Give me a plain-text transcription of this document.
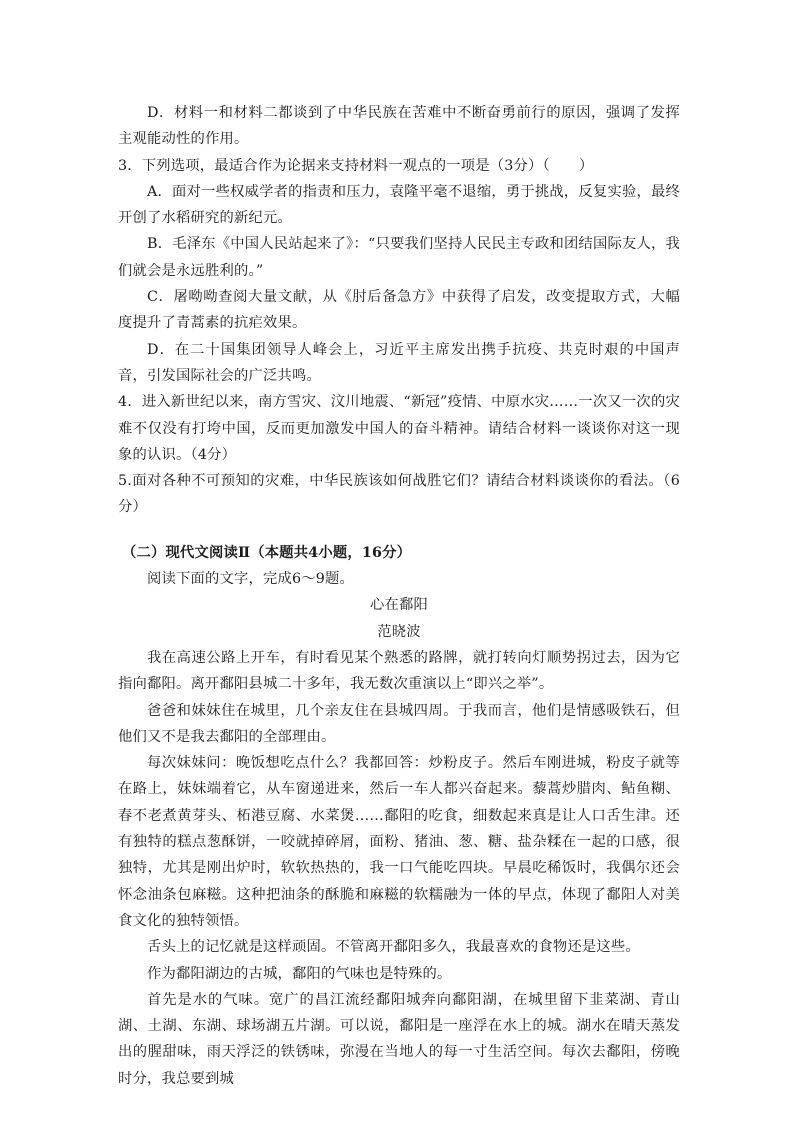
D．材料一和材料二都谈到了中华民族在苦难中不断奋勇前行的原因，强调了发挥主观能动性的作用。

3．下列选项，最适合作为论据来支持材料一观点的一项是（3分）（　　）

A．面对一些权威学者的指责和压力，袁隆平毫不退缩，勇于挑战，反复实验，最终开创了水稻研究的新纪元。

B．毛泽东《中国人民站起来了》：“只要我们坚持人民民主专政和团结国际友人，我们就会是永远胜利的。”

C．屠呦呦查阅大量文献，从《肘后备急方》中获得了启发，改变提取方式，大幅度提升了青蒿素的抗疟效果。

D．在二十国集团领导人峰会上，习近平主席发出携手抗疫、共克时艰的中国声音，引发国际社会的广泛共鸣。

4．进入新世纪以来，南方雪灾、汶川地震、“新冠”疫情、中原水灾……一次又一次的灾难不仅没有打垮中国，反而更加激发中国人的奋斗精神。请结合材料一谈谈你对这一现象的认识。（4分）

5.面对各种不可预知的灾难，中华民族该如何战胜它们？请结合材料谈谈你的看法。（6分）

（二）现代文阅读Ⅱ（本题共4小题，16分）

阅读下面的文字，完成6～9题。

心在鄱阳

范晓波

我在高速公路上开车，有时看见某个熟悉的路牌，就打转向灯顺势拐过去，因为它指向鄱阳。离开鄱阳县城二十多年，我无数次重演以上“即兴之举”。

爸爸和妹妹住在城里，几个亲友住在县城四周。于我而言，他们是情感吸铁石，但他们又不是我去鄱阳的全部理由。

每次妹妹问：晚饭想吃点什么？我都回答：炒粉皮子。然后车刚进城，粉皮子就等在路上，妹妹端着它，从车窗递进来，然后一车人都兴奋起来。藜蒿炒腊肉、鲇鱼糊、春不老煮黄芽头、柘港豆腐、水菜煲……鄱阳的吃食，细数起来真是让人口舌生津。还有独特的糕点葱酥饼，一咬就掉碎屑，面粉、猪油、葱、糖、盐杂糅在一起的口感，很独特，尤其是刚出炉时，软软热热的，我一口气能吃四块。早晨吃稀饭时，我偶尔还会怀念油条包麻糍。这种把油条的酥脆和麻糍的软糯融为一体的早点，体现了鄱阳人对美食文化的独特领悟。

舌头上的记忆就是这样顽固。不管离开鄱阳多久，我最喜欢的食物还是这些。

作为鄱阳湖边的古城，鄱阳的气味也是特殊的。

首先是水的气味。宽广的昌江流经鄱阳城奔向鄱阳湖，在城里留下韭菜湖、青山湖、土湖、东湖、球场湖五片湖。可以说，鄱阳是一座浮在水上的城。湖水在晴天蒸发出的腥甜味，雨天浮泛的铁锈味，弥漫在当地人的每一寸生活空间。每次去鄱阳，傍晚时分，我总要到城
